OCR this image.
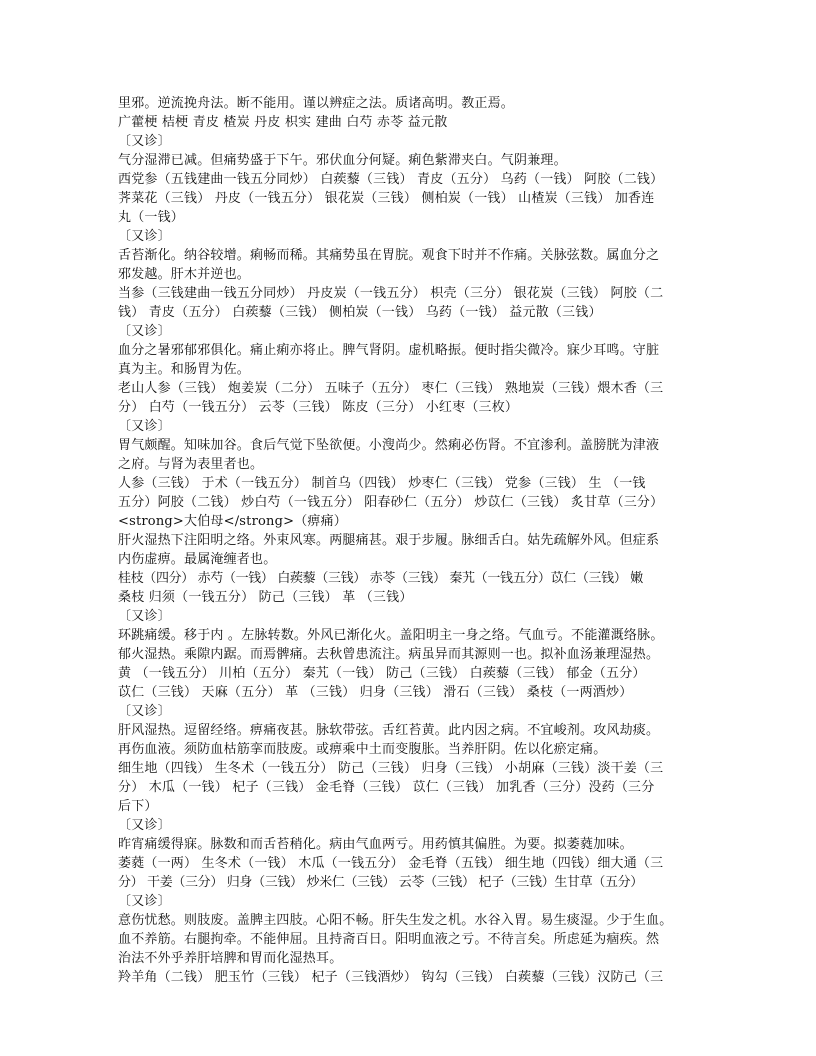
里邪。逆流挽舟法。断不能用。谨以辨症之法。质诸高明。教正焉。
广藿梗 桔梗 青皮 楂炭 丹皮 枳实 建曲 白芍 赤苓 益元散
〔又诊〕
气分湿滞已减。但痛势盛于下午。邪伏血分何疑。痢色紫滞夹白。气阴兼理。
西党参（五钱建曲一钱五分同炒） 白蒺藜（三钱） 青皮（五分） 乌药（一钱） 阿胶（二钱）
荠菜花（三钱） 丹皮（一钱五分） 银花炭（三钱） 侧柏炭（一钱） 山楂炭（三钱） 加香连
丸（一钱）
〔又诊〕
舌苔渐化。纳谷较增。痢畅而稀。其痛势虽在胃脘。观食下时并不作痛。关脉弦数。属血分之
邪发越。肝木并逆也。
当参（三钱建曲一钱五分同炒） 丹皮炭（一钱五分） 枳壳（三分） 银花炭（三钱） 阿胶（二
钱） 青皮（五分） 白蒺藜（三钱） 侧柏炭（一钱） 乌药（一钱） 益元散（三钱）
〔又诊〕
血分之暑邪郁邪俱化。痛止痢亦将止。脾气肾阴。虚机略振。便时指尖微冷。寐少耳鸣。守脏
真为主。和肠胃为佐。
老山人参（三钱） 炮姜炭（二分） 五味子（五分） 枣仁（三钱） 熟地炭（三钱）煨木香（三
分） 白芍（一钱五分） 云苓（三钱） 陈皮（三分） 小红枣（三枚）
〔又诊〕
胃气颇醒。知味加谷。食后气觉下坠欲便。小溲尚少。然痢必伤肾。不宜渗利。盖膀胱为津液
之府。与肾为表里者也。
人参（三钱） 于术（一钱五分） 制首乌（四钱） 炒枣仁（三钱） 党参（三钱） 生 （一钱
五分）阿胶（二钱） 炒白芍（一钱五分） 阳春砂仁（五分） 炒苡仁（三钱） 炙甘草（三分）
<strong>大伯母</strong>（痹痛）
肝火湿热下注阳明之络。外束风寒。两腿痛甚。艰于步履。脉细舌白。姑先疏解外风。但症系
内伤虚痹。最属淹缠者也。
桂枝（四分） 赤芍（一钱） 白蒺藜（三钱） 赤苓（三钱） 秦艽（一钱五分）苡仁（三钱） 嫩
桑枝 归须（一钱五分） 防己（三钱） 革 （三钱）
〔又诊〕
环跳痛缓。移于内 。左脉转数。外风已渐化火。盖阳明主一身之络。气血亏。不能灌溉络脉。
郁火湿热。乘隙内踞。而焉髀痛。去秋曾患流注。病虽异而其源则一也。拟补血汤兼理湿热。
黄 （一钱五分） 川柏（五分） 秦艽（一钱） 防己（三钱） 白蒺藜（三钱） 郁金（五分）
苡仁（三钱） 天麻（五分） 革 （三钱） 归身（三钱） 滑石（三钱） 桑枝（一两酒炒）
〔又诊〕
肝风湿热。逗留经络。痹痛夜甚。脉软带弦。舌红苔黄。此内因之病。不宜峻剂。攻风劫痰。
再伤血液。须防血枯筋挛而肢废。或痹乘中土而变腹胀。当养肝阴。佐以化瘀定痛。
细生地（四钱） 生冬术（一钱五分） 防己（三钱） 归身（三钱） 小胡麻（三钱）淡干姜（三
分） 木瓜（一钱） 杞子（三钱） 金毛脊（三钱） 苡仁（三钱） 加乳香（三分）没药（三分
后下）
〔又诊〕
昨宵痛缓得寐。脉数和而舌苔稍化。病由气血两亏。用药慎其偏胜。为要。拟萎蕤加味。
萎蕤（一两） 生冬术（一钱） 木瓜（一钱五分） 金毛脊（五钱） 细生地（四钱）细大通（三
分） 干姜（三分） 归身（三钱） 炒米仁（三钱） 云苓（三钱） 杞子（三钱）生甘草（五分）
〔又诊〕
意伤忧愁。则肢废。盖脾主四肢。心阳不畅。肝失生发之机。水谷入胃。易生痰湿。少于生血。
血不养筋。右腿拘牵。不能伸屈。且持斋百日。阳明血液之亏。不待言矣。所虑延为痼疾。然
治法不外乎养肝培脾和胃而化湿热耳。
羚羊角（二钱） 肥玉竹（三钱） 杞子（三钱酒炒） 钩勾（三钱） 白蒺藜（三钱）汉防己（三
